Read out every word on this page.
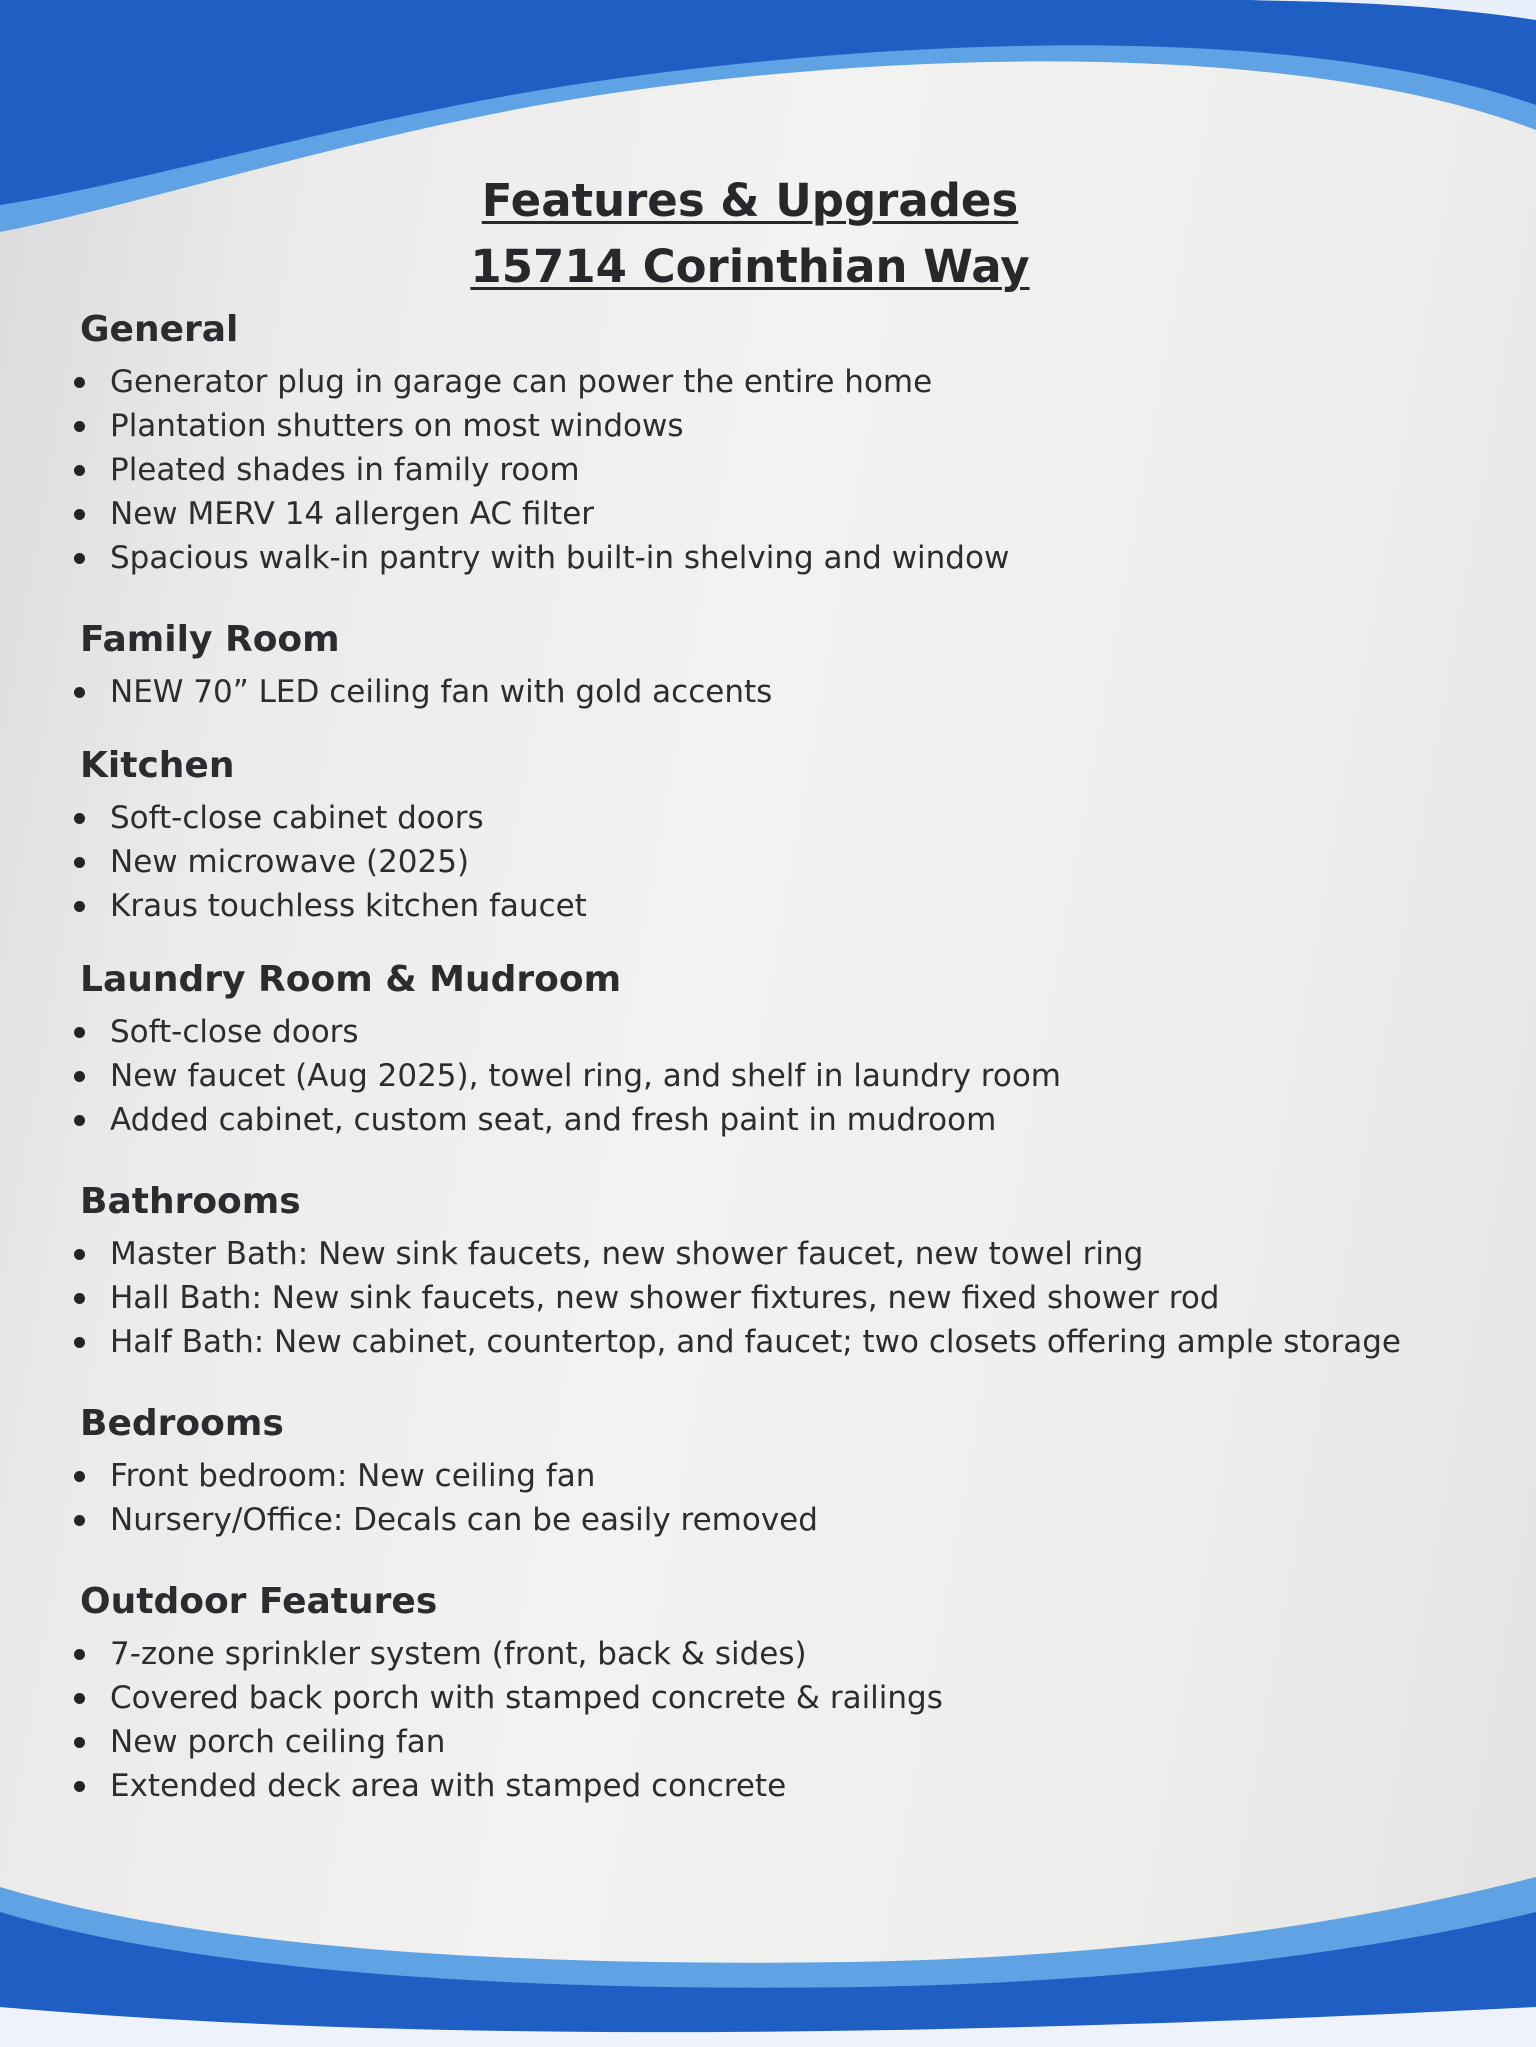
Features & Upgrades
15714 Corinthian Way
General
Generator plug in garage can power the entire home
Plantation shutters on most windows
Pleated shades in family room
New MERV 14 allergen AC filter
Spacious walk-in pantry with built-in shelving and window
Family Room
NEW 70” LED ceiling fan with gold accents
Kitchen
Soft-close cabinet doors
New microwave (2025)
Kraus touchless kitchen faucet
Laundry Room & Mudroom
Soft-close doors
New faucet (Aug 2025), towel ring, and shelf in laundry room
Added cabinet, custom seat, and fresh paint in mudroom
Bathrooms
Master Bath: New sink faucets, new shower faucet, new towel ring
Hall Bath: New sink faucets, new shower fixtures, new fixed shower rod
Half Bath: New cabinet, countertop, and faucet; two closets offering ample storage
Bedrooms
Front bedroom: New ceiling fan
Nursery/Office: Decals can be easily removed
Outdoor Features
7-zone sprinkler system (front, back & sides)
Covered back porch with stamped concrete & railings
New porch ceiling fan
Extended deck area with stamped concrete
